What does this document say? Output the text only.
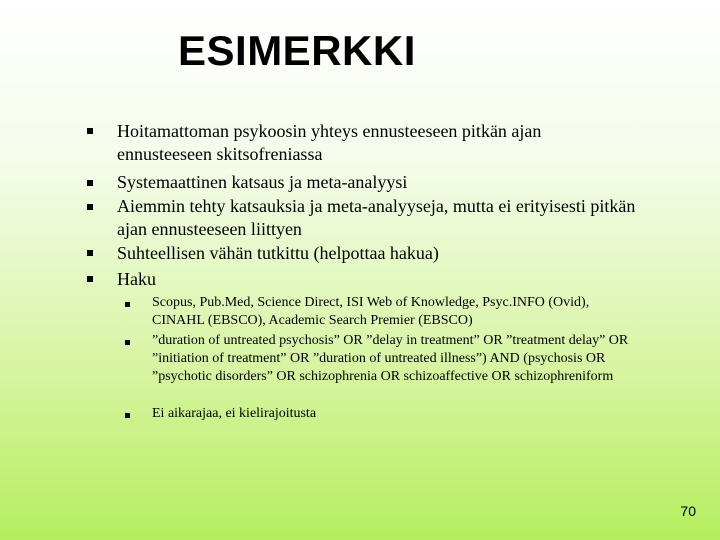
ESIMERKKI
Hoitamattoman psykoosin yhteys ennusteeseen pitkän ajan ennusteeseen skitsofreniassa
Systemaattinen katsaus ja meta-analyysi
Aiemmin tehty katsauksia ja meta-analyyseja, mutta ei erityisesti pitkän ajan ennusteeseen liittyen
Suhteellisen vähän tutkittu (helpottaa hakua)
Haku
Scopus, Pub.Med, Science Direct, ISI Web of Knowledge, Psyc.INFO (Ovid), CINAHL (EBSCO), Academic Search Premier (EBSCO)
”duration of untreated psychosis” OR ”delay in treatment” OR ”treatment delay” OR ”initiation of treatment” OR ”duration of untreated illness”) AND (psychosis OR ”psychotic disorders” OR schizophrenia OR schizoaffective OR schizophreniform
Ei aikarajaa, ei kielirajoitusta
70
